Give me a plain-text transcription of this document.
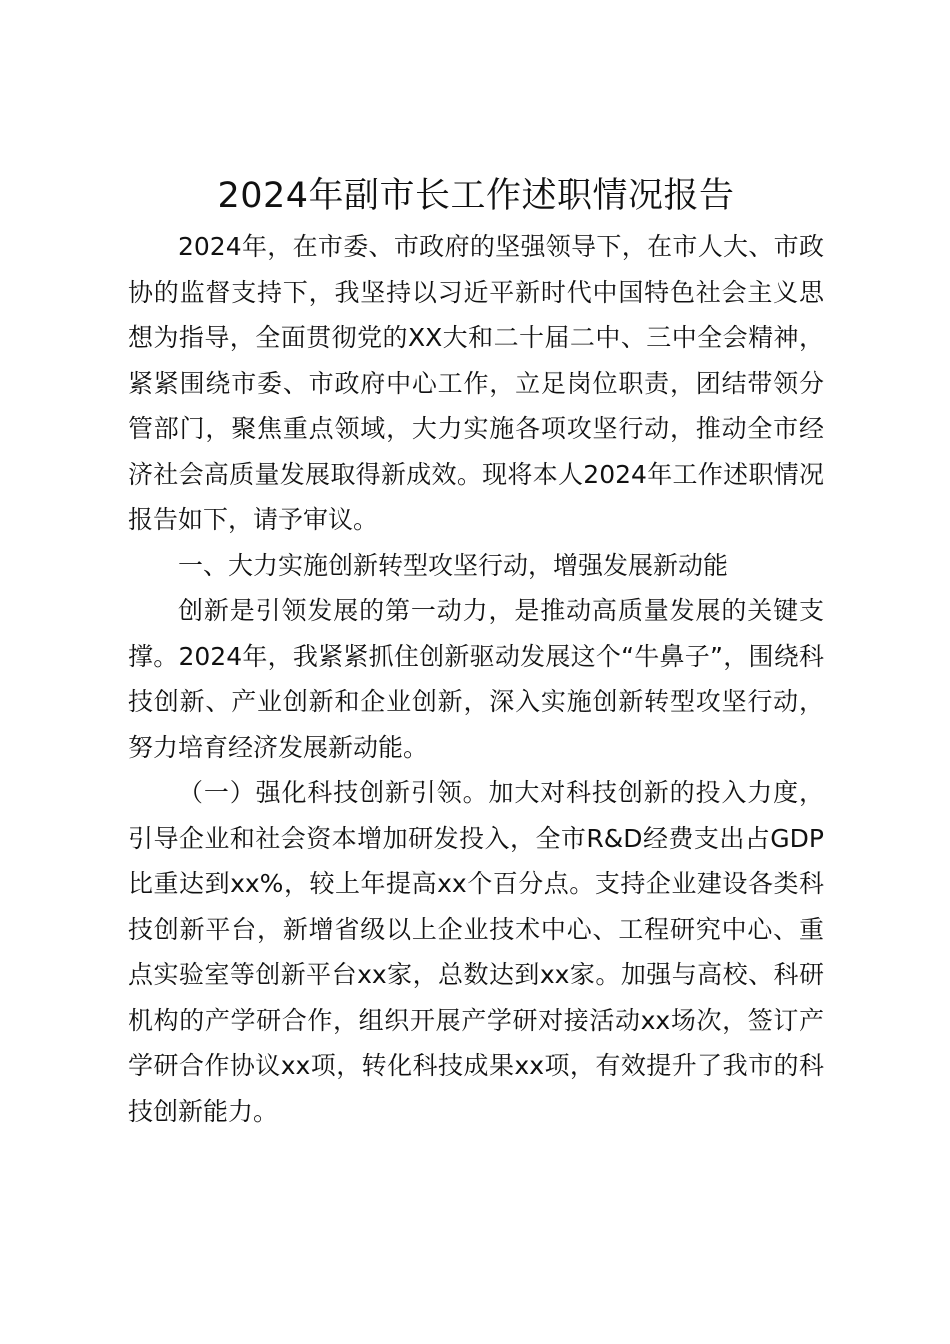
2024年副市长工作述职情况报告

2024年，在市委、市政府的坚强领导下，在市人大、市政协的监督支持下，我坚持以习近平新时代中国特色社会主义思想为指导，全面贯彻党的XX大和二十届二中、三中全会精神，紧紧围绕市委、市政府中心工作，立足岗位职责，团结带领分管部门，聚焦重点领域，大力实施各项攻坚行动，推动全市经济社会高质量发展取得新成效。现将本人2024年工作述职情况报告如下，请予审议。

一、大力实施创新转型攻坚行动，增强发展新动能

创新是引领发展的第一动力，是推动高质量发展的关键支撑。2024年，我紧紧抓住创新驱动发展这个“牛鼻子”，围绕科技创新、产业创新和企业创新，深入实施创新转型攻坚行动，努力培育经济发展新动能。

（一）强化科技创新引领。加大对科技创新的投入力度，引导企业和社会资本增加研发投入，全市R&D经费支出占GDP比重达到xx%，较上年提高xx个百分点。支持企业建设各类科技创新平台，新增省级以上企业技术中心、工程研究中心、重点实验室等创新平台xx家，总数达到xx家。加强与高校、科研机构的产学研合作，组织开展产学研对接活动xx场次，签订产学研合作协议xx项，转化科技成果xx项，有效提升了我市的科技创新能力。
